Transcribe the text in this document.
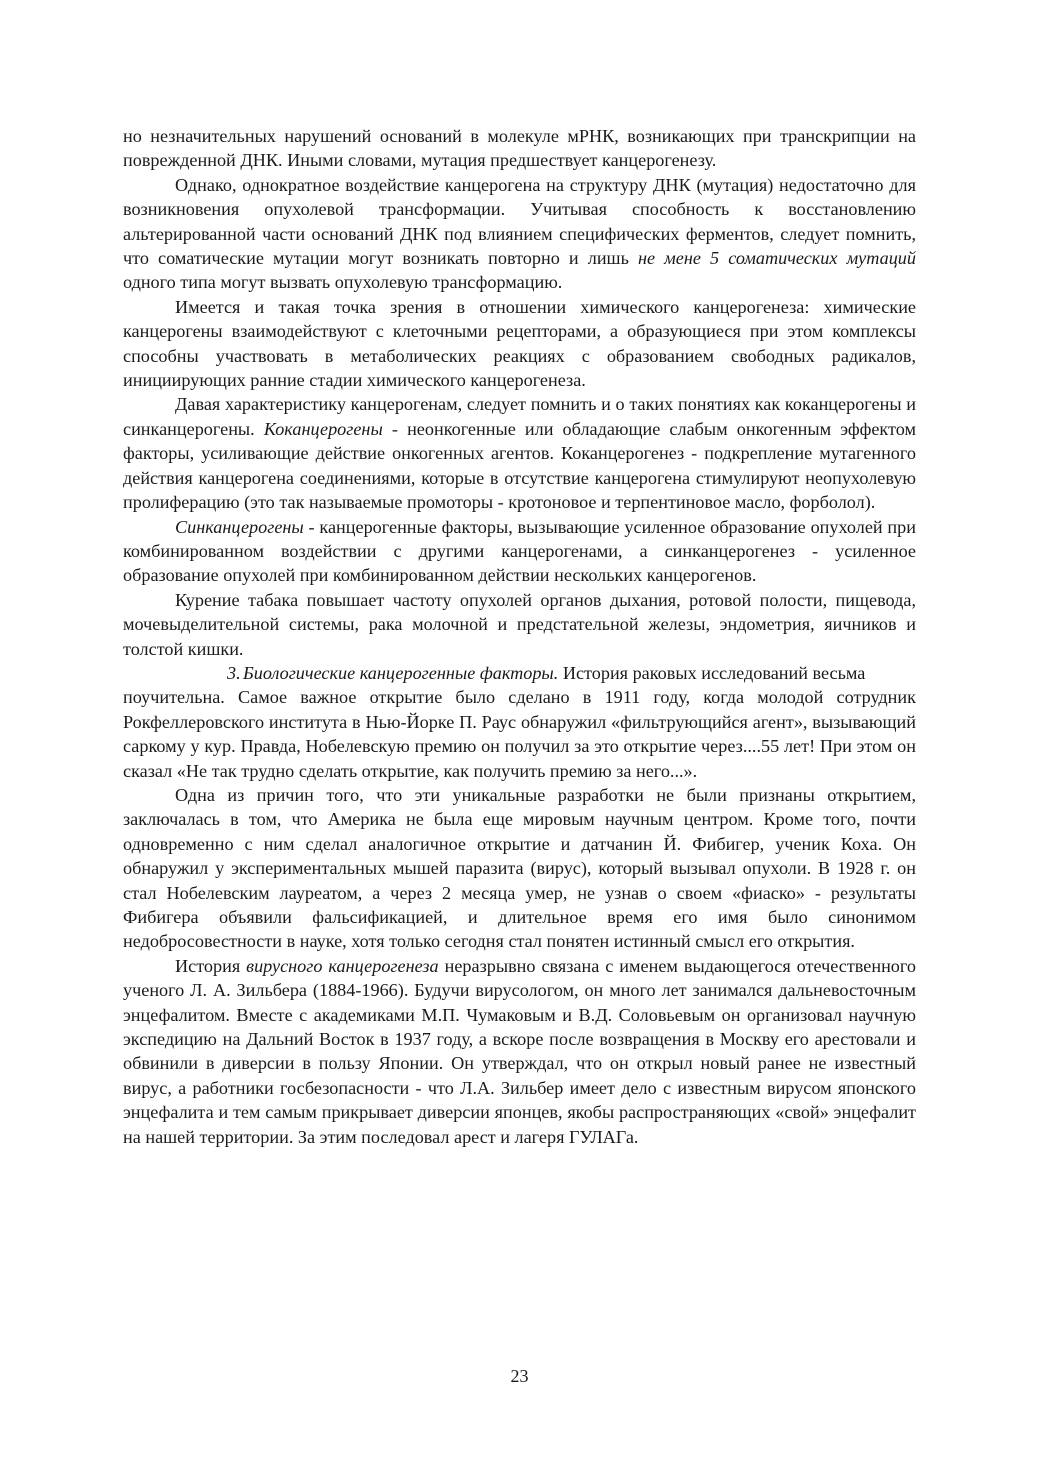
но незначительных нарушений оснований в молекуле мРНК, возникающих при транскрипции на поврежденной ДНК. Иными словами, мутация предшествует канцерогенезу.

Однако, однократное воздействие канцерогена на структуру ДНК (мутация) недостаточно для возникновения опухолевой трансформации. Учитывая способность к восстановлению альтерированной части оснований ДНК под влиянием специфических ферментов, следует помнить, что соматические мутации могут возникать повторно и лишь не мене 5 соматических мутаций одного типа могут вызвать опухолевую трансформацию.

Имеется и такая точка зрения в отношении химического канцерогенеза: химические канцерогены взаимодействуют с клеточными рецепторами, а образующиеся при этом комплексы способны участвовать в метаболических реакциях с образованием свободных радикалов, инициирующих ранние стадии химического канцерогенеза.

Давая характеристику канцерогенам, следует помнить и о таких понятиях как коканцерогены и синканцерогены. Коканцерогены - неонкогенные или обладающие слабым онкогенным эффектом факторы, усиливающие действие онкогенных агентов. Коканцерогенез - подкрепление мутагенного действия канцерогена соединениями, которые в отсутствие канцерогена стимулируют неопухолевую пролиферацию (это так называемые промоторы - кротоновое и терпентиновое масло, форболол).

Синканцерогены - канцерогенные факторы, вызывающие усиленное образование опухолей при комбинированном воздействии с другими канцерогенами, а синканцерогенез - усиленное образование опухолей при комбинированном действии нескольких канцерогенов.

Курение табака повышает частоту опухолей органов дыхания, ротовой полости, пищевода, мочевыделительной системы, рака молочной и предстательной железы, эндометрия, яичников и толстой кишки.

3. Биологические канцерогенные факторы. История раковых исследований весьма

поучительна. Самое важное открытие было сделано в 1911 году, когда молодой сотрудник Рокфеллеровского института в Нью-Йорке П. Раус обнаружил «фильтрующийся агент», вызывающий саркому у кур. Правда, Нобелевскую премию он получил за это открытие через....55 лет! При этом он сказал «Не так трудно сделать открытие, как получить премию за него...».

Одна из причин того, что эти уникальные разработки не были признаны открытием, заключалась в том, что Америка не была еще мировым научным центром. Кроме того, почти одновременно с ним сделал аналогичное открытие и датчанин Й. Фибигер, ученик Коха. Он обнаружил у экспериментальных мышей паразита (вирус), который вызывал опухоли. В 1928 г. он стал Нобелевским лауреатом, а через 2 месяца умер, не узнав о своем «фиаско» - результаты Фибигера объявили фальсификацией, и длительное время его имя было синонимом недобросовестности в науке, хотя только сегодня стал понятен истинный смысл его открытия.

История вирусного канцерогенеза неразрывно связана с именем выдающегося отечественного ученого Л. А. Зильбера (1884-1966). Будучи вирусологом, он много лет занимался дальневосточным энцефалитом. Вместе с академиками М.П. Чумаковым и В.Д. Соловьевым он организовал научную экспедицию на Дальний Восток в 1937 году, а вскоре после возвращения в Москву его арестовали и обвинили в диверсии в пользу Японии. Он утверждал, что он открыл новый ранее не известный вирус, а работники госбезопасности - что Л.А. Зильбер имеет дело с известным вирусом японского энцефалита и тем самым прикрывает диверсии японцев, якобы распространяющих «свой» энцефалит на нашей территории. За этим последовал арест и лагеря ГУЛАГа.

23
